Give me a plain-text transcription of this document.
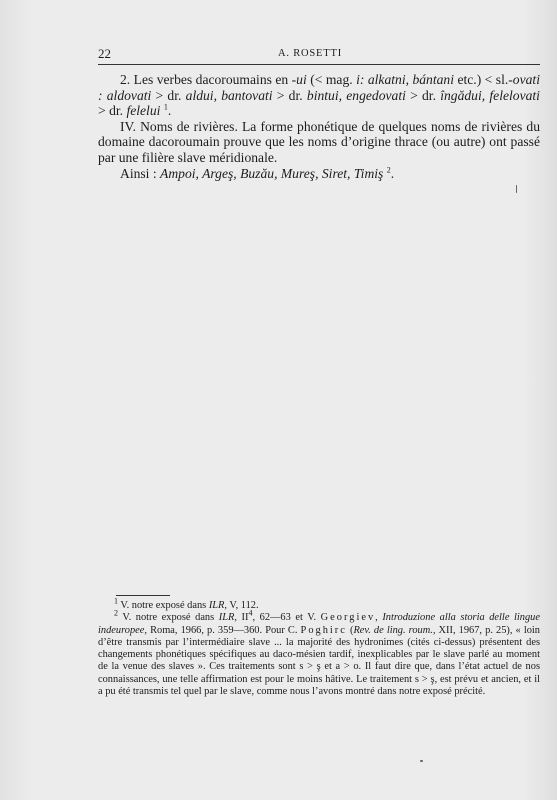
22	A. ROSETTI

2. Les verbes dacoroumains en -ui (< mag. i: alkatni, bántani etc.) < sl.-ovati : aldovati > dr. aldui, bantovati > dr. bintui, engedovati > dr. îngădui, felelovati > dr. felelui $^1$.

IV. Noms de rivières. La forme phonétique de quelques noms de rivières du domaine dacoroumain prouve que les noms d’origine thrace (ou autre) ont passé par une filière slave méridionale.

Ainsi : Ampoi, Argeş, Buzău, Mureş, Siret, Timiş $^2$.

$^1$ V. notre exposé dans ILR, V, 112.

$^2$ V. notre exposé dans ILR, $II^4$, 62—63 et V. Georgiev, Introduzione alla storia delle lingue indeuropee, Roma, 1966, p. 359—360. Pour C. Poghirc (Rev. de ling. roum., XII, 1967, p. 25), « loin d’être transmis par l’intermédiaire slave ... la majorité des hydronimes (cités ci-dessus) présentent des changements phonétiques spécifiques au daco-mésien tardif, inexplicables par le slave parlé au moment de la venue des slaves ». Ces traitements sont s > ş et a > o. Il faut dire que, dans l’état actuel de nos connaissances, une telle affirmation est pour le moins hâtive. Le traitement s > ş, est prévu et ancien, et il a pu été transmis tel quel par le slave, comme nous l’avons montré dans notre exposé précité.
